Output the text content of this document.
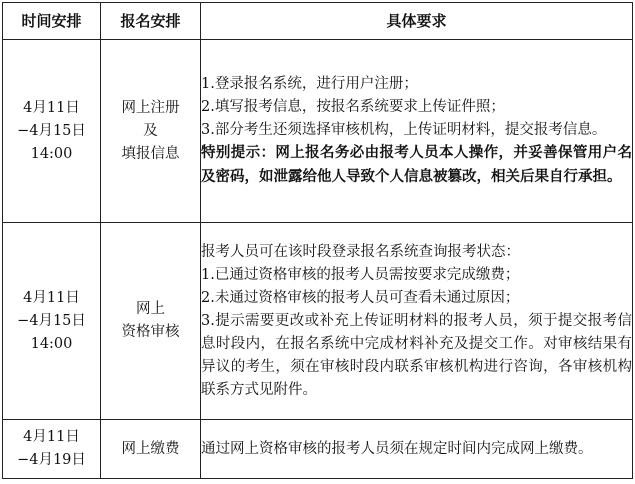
时间安排	报名安排	具体要求

4月11日
−4月15日
14:00	网上注册
及
填报信息	1.登录报名系统，进行用户注册；
2.填写报考信息，按报名系统要求上传证件照；
3.部分考生还须选择审核机构，上传证明材料，提交报考信息。
特别提示：网上报名务必由报考人员本人操作，并妥善保管用户名及密码，如泄露给他人导致个人信息被篡改，相关后果自行承担。

4月11日
−4月15日
14:00	网上
资格审核	报考人员可在该时段登录报名系统查询报考状态：
1.已通过资格审核的报考人员需按要求完成缴费；
2.未通过资格审核的报考人员可查看未通过原因；
3.提示需要更改或补充上传证明材料的报考人员，须于提交报考信息时段内，在报名系统中完成材料补充及提交工作。对审核结果有异议的考生，须在审核时段内联系审核机构进行咨询，各审核机构联系方式见附件。

4月11日
−4月19日	网上缴费	通过网上资格审核的报考人员须在规定时间内完成网上缴费。
